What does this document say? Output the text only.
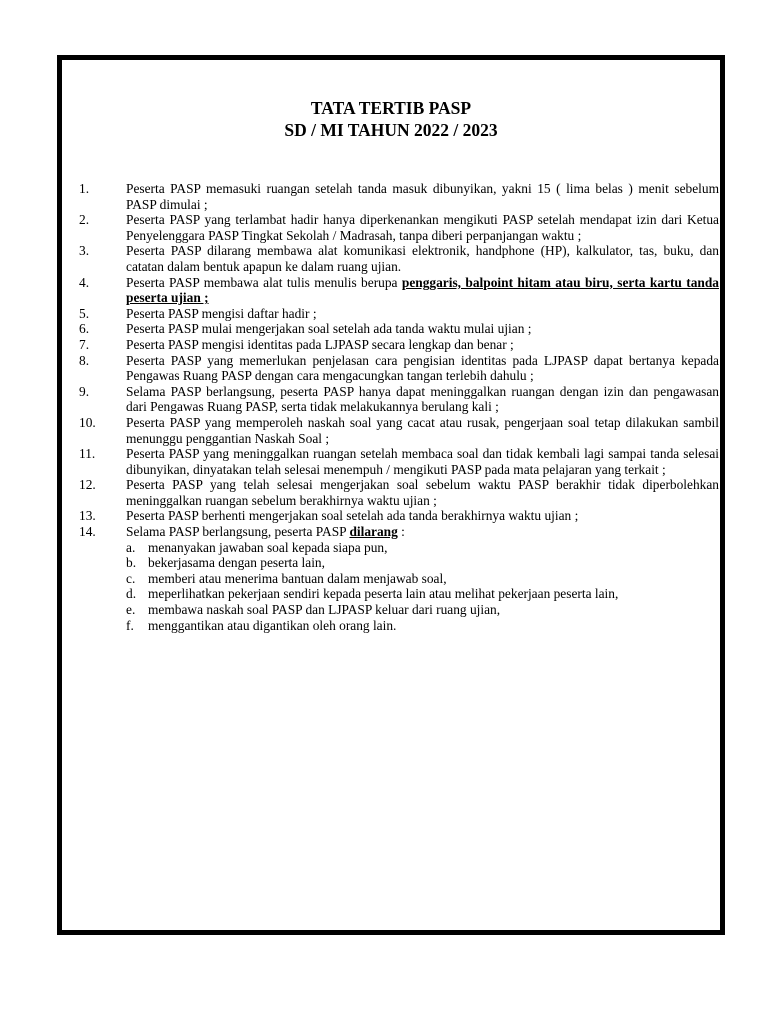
TATA TERTIB PASP
SD / MI TAHUN 2022 / 2023
1.	Peserta PASP memasuki ruangan setelah tanda masuk dibunyikan, yakni 15 ( lima belas ) menit sebelum PASP dimulai ;
2.	Peserta PASP yang terlambat hadir hanya diperkenankan mengikuti PASP setelah mendapat izin dari Ketua Penyelenggara PASP Tingkat Sekolah / Madrasah, tanpa diberi perpanjangan waktu ;
3.	Peserta PASP dilarang membawa alat komunikasi elektronik, handphone (HP), kalkulator, tas, buku, dan catatan dalam bentuk apapun ke dalam ruang ujian.
4.	Peserta PASP membawa alat tulis menulis berupa penggaris, balpoint hitam atau biru, serta kartu tanda peserta ujian ;
5.	Peserta PASP mengisi daftar hadir ;
6.	Peserta PASP mulai mengerjakan soal setelah ada tanda waktu mulai ujian ;
7.	Peserta PASP mengisi identitas pada LJPASP secara lengkap dan benar ;
8.	Peserta PASP yang memerlukan penjelasan cara pengisian identitas pada LJPASP dapat bertanya kepada Pengawas Ruang PASP dengan cara mengacungkan tangan terlebih dahulu ;
9.	Selama PASP berlangsung, peserta PASP hanya dapat meninggalkan ruangan dengan izin dan pengawasan dari Pengawas Ruang PASP, serta tidak melakukannya berulang kali ;
10.	Peserta PASP yang memperoleh naskah soal yang cacat atau rusak, pengerjaan soal tetap dilakukan sambil menunggu penggantian Naskah Soal ;
11.	Peserta PASP yang meninggalkan ruangan setelah membaca soal dan tidak kembali lagi sampai tanda selesai dibunyikan, dinyatakan telah selesai menempuh / mengikuti PASP pada mata pelajaran yang terkait ;
12.	Peserta PASP yang telah selesai mengerjakan soal sebelum waktu PASP berakhir tidak diperbolehkan meninggalkan ruangan sebelum berakhirnya waktu ujian ;
13.	Peserta PASP berhenti mengerjakan soal setelah ada tanda berakhirnya waktu ujian ;
14.	Selama PASP berlangsung, peserta PASP dilarang :
a. menanyakan jawaban soal kepada siapa pun,
b. bekerjasama dengan peserta lain,
c. memberi atau menerima bantuan dalam menjawab soal,
d. meperlihatkan pekerjaan sendiri kepada peserta lain atau melihat pekerjaan peserta lain,
e. membawa naskah soal PASP dan LJPASP keluar dari ruang ujian,
f.	menggantikan atau digantikan oleh orang lain.
